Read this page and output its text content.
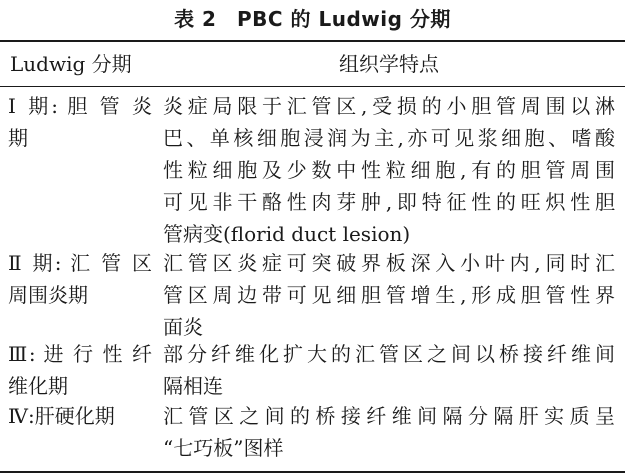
表 2　PBC 的 Ludwig 分期
Ludwig 分期	组织学特点
Ⅰ 期: 胆 管 炎
期
炎症局限于汇管区,受损的小胆管周围以淋
巴、单核细胞浸润为主,亦可见浆细胞、嗜酸
性粒细胞及少数中性粒细胞,有的胆管周围
可见非干酪性肉芽肿,即特征性的旺炽性胆
管病变(florid duct lesion)
Ⅱ 期: 汇 管 区
周围炎期
汇管区炎症可突破界板深入小叶内,同时汇
管区周边带可见细胆管增生,形成胆管性界
面炎
Ⅲ: 进 行 性 纤
维化期
部分纤维化扩大的汇管区之间以桥接纤维间
隔相连
Ⅳ:肝硬化期	汇管区之间的桥接纤维间隔分隔肝实质呈
“七巧板”图样
